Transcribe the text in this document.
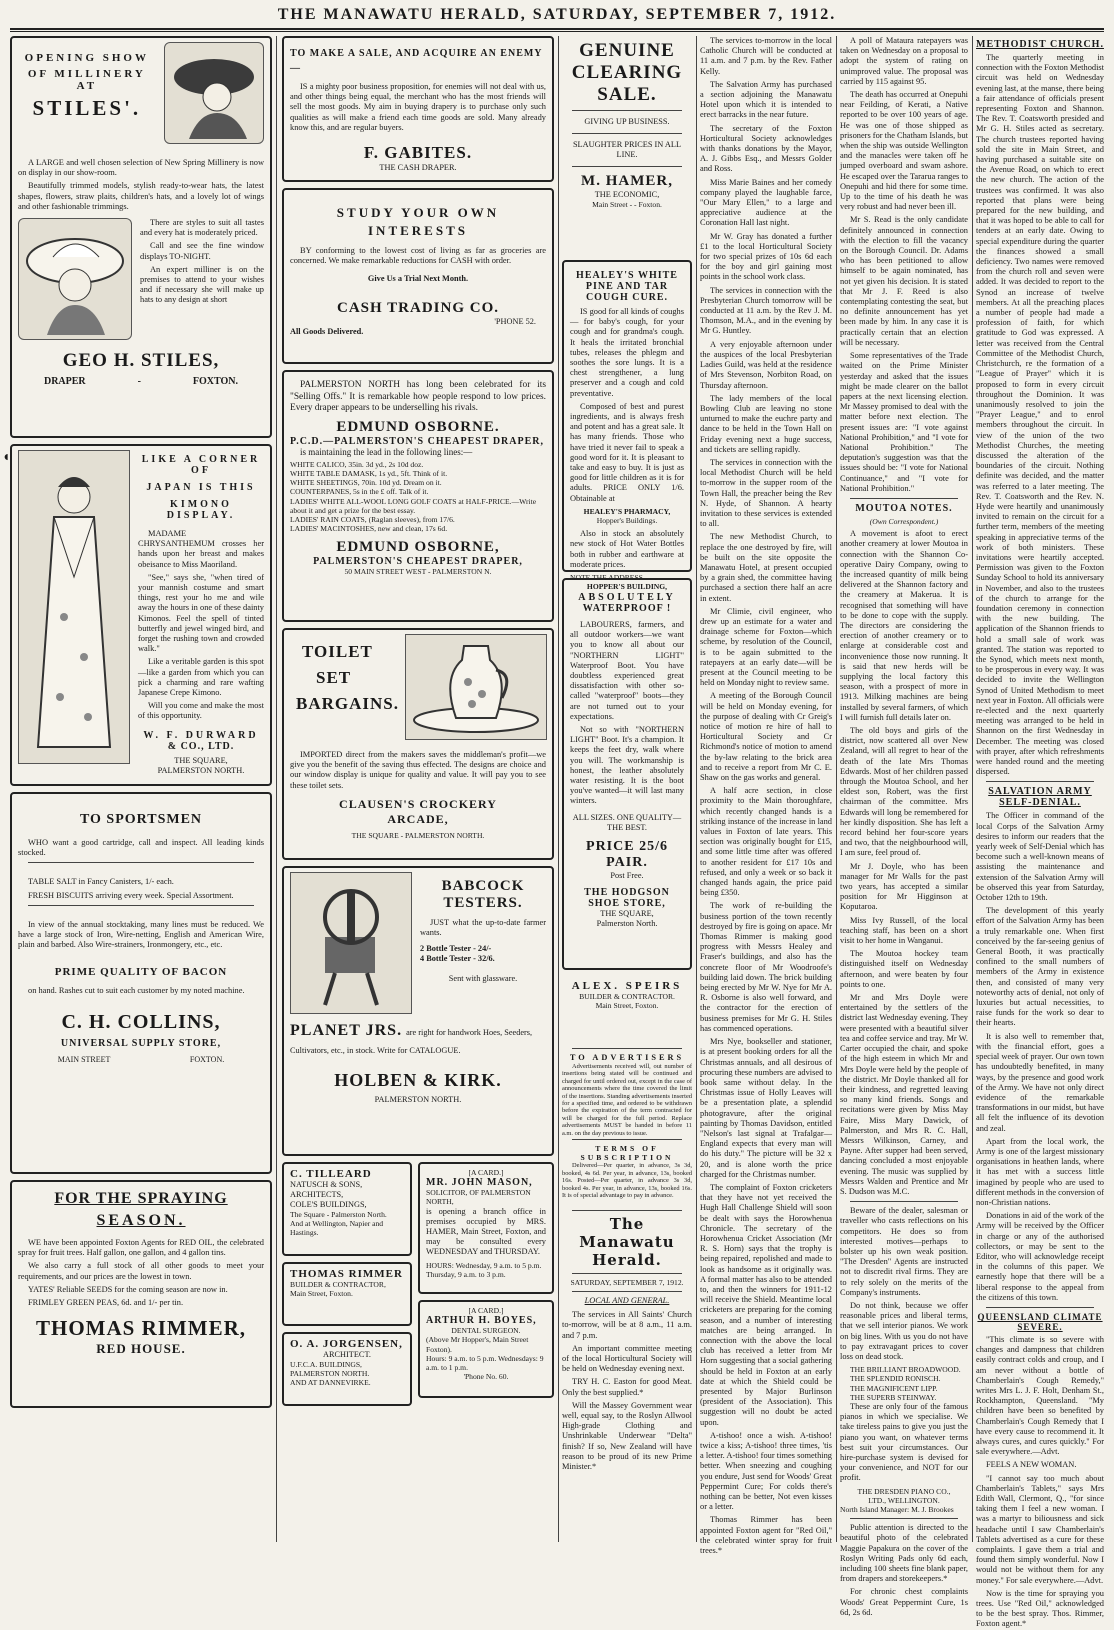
THE MANAWATU HERALD, SATURDAY, SEPTEMBER 7, 1912.
◖
OPENING SHOW
OF MILLINERY AT
STILES'.

A LARGE and well chosen selection of New Spring Millinery is now on display in our show-room.

Beautifully trimmed models, stylish ready-to-wear hats, the latest shapes, flowers, straw plaits, children's hats, and a lovely lot of wings and other fashionable trimmings.

There are styles to suit all tastes and every hat is moderately priced.

Call and see the fine window displays TO-NIGHT.

An expert milliner is on the premises to attend to your wishes and if necessary she will make up hats to any design at short

GEO H. STILES,
DRAPER	-	FOXTON.
LIKE A CORNER OF
JAPAN IS THIS
KIMONO DISPLAY.

MADAME CHRYSANTHEMUM crosses her hands upon her breast and makes obeisance to Miss Maoriland.

"See," says she, "when tired of your mannish costume and smart things, rest your ho me and wile away the hours in one of these dainty Kimonos. Feel the spell of tinted butterfly and jewel winged bird, and forget the rushing town and crowded walk."

Like a veritable garden is this spot—like a garden from which you can pick a charming and rare wafting Japanese Crepe Kimono.

Will you come and make the most of this opportunity.

W. F. DURWARD
& CO., LTD.
THE SQUARE,
PALMERSTON NORTH.
TO SPORTSMEN

WHO want a good cartridge, call and inspect. All leading kinds stocked.

TABLE SALT in Fancy Canisters, 1/- each.

FRESH BISCUITS arriving every week. Special Assortment.

In view of the annual stocktaking, many lines must be reduced. We have a large stock of Iron, Wire-netting, English and American Wire, plain and barbed. Also Wire-strainers, Ironmongery, etc., etc.

PRIME QUALITY OF BACON

on hand. Rashes cut to suit each customer by my noted machine.

C. H. COLLINS,
UNIVERSAL SUPPLY STORE,
MAIN STREET	FOXTON.
FOR THE SPRAYING
SEASON.

WE have been appointed Foxton Agents for RED OIL, the celebrated spray for fruit trees. Half gallon, one gallon, and 4 gallon tins.

We also carry a full stock of all other goods to meet your requirements, and our prices are the lowest in town.

YATES' Reliable SEEDS for the coming season are now in.

FRIMLEY GREEN PEAS, 6d. and 1/- per tin.

THOMAS RIMMER,
RED HOUSE.
TO MAKE A SALE, AND ACQUIRE AN ENEMY —

IS a mighty poor business proposition, for enemies will not deal with us, and other things being equal, the merchant who has the most friends will sell the most goods. My aim in buying drapery is to purchase only such qualities as will make a friend each time goods are sold. Many already know this, and are regular buyers.

F. GABITES.
THE CASH DRAPER.
STUDY YOUR OWN INTERESTS

BY conforming to the lowest cost of living as far as groceries are concerned. We make remarkable reductions for CASH with order.

Give Us a Trial Next Month.
CASH TRADING CO.
'PHONE 52.
All Goods Delivered.

PALMERSTON NORTH has long been celebrated for its "Selling Offs." It is remarkable how people respond to low prices. Every draper appears to be underselling his rivals.

EDMUND OSBORNE.
P.C.D.—PALMERSTON'S CHEAPEST DRAPER,

is maintaining the lead in the following lines:—

WHITE CALICO, 35in. 3d yd., 2s 10d doz.
WHITE TABLE DAMASK, 1s yd., 5ft. Think of it.
WHITE SHEETINGS, 70in. 10d yd. Dream on it.
COUNTERPANES, 5s in the £ off. Talk of it.
LADIES' WHITE ALL-WOOL LONG GOLF COATS at HALF-PRICE.—Write about it and get a prize for the best essay.
LADIES' RAIN COATS, (Raglan sleeves), from 17/6.
LADIES' MACINTOSHES, new and clean, 17s 6d.
EDMUND OSBORNE,
PALMERSTON'S CHEAPEST DRAPER,
50 MAIN STREET WEST - PALMERSTON N.
TOILET
SET
BARGAINS.

IMPORTED direct from the makers saves the middleman's profit—we give you the benefit of the saving thus effected. The designs are choice and our window display is unique for quality and value. It will pay you to see these toilet sets.

CLAUSEN'S CROCKERY
ARCADE,
THE SQUARE - PALMERSTON NORTH.
BABCOCK
TESTERS.

JUST what the up-to-date farmer wants.

2 Bottle Tester - 24/-
4 Bottle Tester - 32/6.
Sent with glassware.
PLANET JRS. are right for handwork Hoes, Seeders, Cultivators, etc., in stock. Write for CATALOGUE.
HOLBEN & KIRK.
PALMERSTON NORTH.
C. TILLEARD
NATUSCH & SONS,
ARCHITECTS,
COLE'S BUILDINGS,
The Square - Palmerston North.
And at Wellington, Napier and Hastings.
THOMAS RIMMER
BUILDER & CONTRACTOR,
Main Street, Foxton.
O. A. JORGENSEN,
ARCHITECT.
U.F.C.A. BUILDINGS, PALMERSTON NORTH.
AND AT DANNEVIRKE.
[A CARD.]
MR. JOHN MASON,
SOLICITOR, OF PALMERSTON NORTH,

is opening a branch office in premises occupied by MRS. HAMER, Main Street, Foxton, and may be consulted every WEDNESDAY and THURSDAY.

HOURS: Wednesday, 9 a.m. to 5 p.m. Thursday, 9 a.m. to 3 p.m.
[A CARD.]
ARTHUR H. BOYES,
DENTAL SURGEON.
(Above Mr Hopper's, Main Street Foxton).
Hours: 9 a.m. to 5 p.m. Wednesdays: 9 a.m. to 1 p.m.
'Phone No. 60.
GENUINE
CLEARING
SALE.
GIVING UP BUSINESS.
SLAUGHTER PRICES IN ALL LINE.
M. HAMER,
THE ECONOMIC,
Main Street - - Foxton.
HEALEY'S WHITE
PINE AND TAR
COUGH CURE.

IS good for all kinds of coughs — for baby's cough, for your cough and for grandma's cough. It heals the irritated bronchial tubes, releases the phlegm and soothes the sore lungs. It is a chest strengthener, a lung preserver and a cough and cold preventative.

Composed of best and purest ingredients, and is always fresh and potent and has a great sale. It has many friends. Those who have tried it never fail to speak a good word for it. It is pleasant to take and easy to buy. It is just as good for little children as it is for adults. PRICE ONLY 1/6. Obtainable at

HEALEY'S PHARMACY,
Hopper's Buildings.

Also in stock an absolutely new stock of Hot Water Bottles both in rubber and earthware at moderate prices.

NOTE THE ADDRESS—
HOPPER'S BUILDING,
ABSOLUTELY
WATERPROOF !

LABOURERS, farmers, and all outdoor workers—we want you to know all about our "NORTHERN LIGHT" Waterproof Boot. You have doubtless experienced great dissatisfaction with other so-called "waterproof" boots—they are not turned out to your expectations.

Not so with "NORTHERN LIGHT" Boot. It's a champion. It keeps the feet dry, walk where you will. The workmanship is honest, the leather absolutely water resisting. It is the boot you've wanted—it will last many winters.

ALL SIZES. ONE QUALITY—THE BEST.
PRICE 25/6 PAIR.
Post Free.
THE HODGSON
SHOE STORE,
THE SQUARE,
Palmerston North.
ALEX. SPEIRS
BUILDER & CONTRACTOR.
Main Street, Foxton.
TO ADVERTISERS

Advertisements received will, out number of insertions being stated will be continued and charged for until ordered out, except in the case of announcements where the time covered the limit of the insertions. Standing advertisements inserted for a specified time, and ordered to be withdrawn before the expiration of the term contracted for will be charged for the full period. Replace advertisements MUST be handed in before 11 a.m. on the day previous to issue.

TERMS OF SUBSCRIPTION

Delivered—Per quarter, in advance, 3s 3d, booked, 4s 6d. Per year, in advance, 13s, booked 16s. Posted—Per quarter, in advance 3s 3d, booked 4s. Per year, in advance, 13s, booked 16s. It is of special advantage to pay in advance.

The Manawatu Herald.
SATURDAY, SEPTEMBER 7, 1912.
LOCAL AND GENERAL.

The services in All Saints' Church to-morrow, will be at 8 a.m., 11 a.m. and 7 p.m.

An important committee meeting of the local Horticultural Society will be held on Wednesday evening next.

TRY H. C. Easton for good Meat. Only the best supplied.*

Will the Massey Government wear well, equal say, to the Roslyn Allwool High-grade Clothing and Unshrinkable Underwear "Delta" finish? If so, New Zealand will have reason to be proud of its new Prime Minister.*

The services to-morrow in the local Catholic Church will be conducted at 11 a.m. and 7 p.m. by the Rev. Father Kelly.

The Salvation Army has purchased a section adjoining the Manawatu Hotel upon which it is intended to erect barracks in the near future.

The secretary of the Foxton Horticultural Society acknowledges with thanks donations by the Mayor, A. J. Gibbs Esq., and Messrs Golder and Ross.

Miss Marie Baines and her comedy company played the laughable farce, "Our Mary Ellen," to a large and appreciative audience at the Coronation Hall last night.

Mr W. Gray has donated a further £1 to the local Horticultural Society for two special prizes of 10s 6d each for the boy and girl gaining most points in the school work class.

The services in connection with the Presbyterian Church tomorrow will be conducted at 11 a.m. by the Rev J. M. Thomson, M.A., and in the evening by Mr G. Huntley.

A very enjoyable afternoon under the auspices of the local Presbyterian Ladies Guild, was held at the residence of Mrs Stevenson, Norbiton Road, on Thursday afternoon.

The lady members of the local Bowling Club are leaving no stone unturned to make the euchre party and dance to be held in the Town Hall on Friday evening next a huge success, and tickets are selling rapidly.

The services in connection with the local Methodist Church will be held to-morrow in the supper room of the Town Hall, the preacher being the Rev N. Hyde, of Shannon. A hearty invitation to these services is extended to all.

The new Methodist Church, to replace the one destroyed by fire, will be built on the site opposite the Manawatu Hotel, at present occupied by a grain shed, the committee having purchased a section there half an acre in extent.

Mr Climie, civil engineer, who drew up an estimate for a water and drainage scheme for Foxton—which scheme, by resolution of the Council, is to be again submitted to the ratepayers at an early date—will be present at the Council meeting to be held on Monday night to review same.

A meeting of the Borough Council will be held on Monday evening, for the purpose of dealing with Cr Greig's notice of motion re hire of hall to Horticultural Society and Cr Richmond's notice of motion to amend the by-law relating to the brick area and to receive a report from Mr C. E. Shaw on the gas works and general.

A half acre section, in close proximity to the Main thoroughfare, which recently changed hands is a striking instance of the increase in land values in Foxton of late years. This section was originally bought for £15, and some little time after was offered to another resident for £17 10s and refused, and only a week or so back it changed hands again, the price paid being £350.

The work of re-building the business portion of the town recently destroyed by fire is going on apace. Mr Thomas Rimmer is making good progress with Messrs Healey and Fraser's buildings, and also has the concrete floor of Mr Woodroofe's building laid down. The brick building being erected by Mr W. Nye for Mr A. R. Osborne is also well forward, and the contractor for the erection of business premises for Mr G. H. Stiles has commenced operations.

Mrs Nye, bookseller and stationer, is at present booking orders for all the Christmas annuals, and all desirous of procuring these numbers are advised to book same without delay. In the Christmas issue of Holly Leaves will be a presentation plate, a splendid photogravure, after the original painting by Thomas Davidson, entitled "Nelson's last signal at Trafalgar—England expects that every man will do his duty." The picture will be 32 x 20, and is alone worth the price charged for the Christmas number.

The complaint of Foxton cricketers that they have not yet received the Hugh Hall Challenge Shield will soon be dealt with says the Horowhenua Chronicle. The secretary of the Horowhenua Cricket Association (Mr R. S. Horn) says that the trophy is being repaired, repolished and made to look as handsome as it originally was. A formal matter has also to be attended to, and then the winners for 1911-12 will receive the Shield. Meantime local cricketers are preparing for the coming season, and a number of interesting matches are being arranged. In connection with the above the local club has received a letter from Mr Horn suggesting that a social gathering should be held in Foxton at an early date at which the Shield could be presented by Major Burlinson (president of the Association). This suggestion will no doubt be acted upon.

A-tishoo! once a wish. A-tishoo! twice a kiss; A-tishoo! three times, 'tis a letter. A-tishoo! four times something better. When sneezing and coughing you endure, Just send for Woods' Great Peppermint Cure; For colds there's nothing can be better, Not even kisses or a letter.

Thomas Rimmer has been appointed Foxton agent for "Red Oil," the celebrated winter spray for fruit trees.*

A poll of Mataura ratepayers was taken on Wednesday on a proposal to adopt the system of rating on unimproved value. The proposal was carried by 115 against 95.

The death has occurred at Onepuhi near Feilding, of Kerati, a Native reported to be over 100 years of age. He was one of those shipped as prisoners for the Chatham Islands, but when the ship was outside Wellington and the manacles were taken off he jumped overboard and swam ashore. He escaped over the Tararua ranges to Onepuhi and hid there for some time. Up to the time of his death he was very robust and had never been ill.

Mr S. Read is the only candidate definitely announced in connection with the election to fill the vacancy on the Borough Council. Dr. Adams who has been petitioned to allow himself to be again nominated, has not yet given his decision. It is stated that Mr J. F. Reed is also contemplating contesting the seat, but no definite announcement has yet been made by him. In any case it is practically certain that an election will be necessary.

Some representatives of the Trade waited on the Prime Minister yesterday and asked that the issues might be made clearer on the ballot papers at the next licensing election. Mr Massey promised to deal with the matter before next election. The present issues are: "I vote against National Prohibition," and "I vote for National Prohibition." The deputation's suggestion was that the issues should be: "I vote for National Continuance," and "I vote for National Prohibition."

MOUTOA NOTES.
(Own Correspondent.)

A movement is afoot to erect another creamery at lower Moutoa in connection with the Shannon Co-operative Dairy Company, owing to the increased quantity of milk being delivered at the Shannon factory and the creamery at Makerua. It is recognised that something will have to be done to cope with the supply. The directors are considering the erection of another creamery or to enlarge at considerable cost and inconvenience those now running. It is said that new herds will be supplying the local factory this season, with a prospect of more in 1913. Milking machines are being installed by several farmers, of which I will furnish full details later on.

The old boys and girls of the district, now scattered all over New Zealand, will all regret to hear of the death of the late Mrs Thomas Edwards. Most of her children passed through the Moutoa School, and her eldest son, Robert, was the first chairman of the committee. Mrs Edwards will long be remembered for her kindly disposition. She has left a record behind her four-score years and two, that the neighbourhood will, I am sure, feel proud of.

Mr J. Doyle, who has been manager for Mr Walls for the past two years, has accepted a similar position for Mr Higginson at Koputaroa.

Miss Ivy Russell, of the local teaching staff, has been on a short visit to her home in Wanganui.

The Moutoa hockey team distinguished itself on Wednesday afternoon, and were beaten by four points to one.

Mr and Mrs Doyle were entertained by the settlers of the district last Wednesday evening. They were presented with a beautiful silver tea and coffee service and tray. Mr W. Carter occupied the chair, and spoke of the high esteem in which Mr and Mrs Doyle were held by the people of the district. Mr Doyle thanked all for their kindness, and regretted leaving so many kind friends. Songs and recitations were given by Miss May Faire, Miss Mary Dawick, of Palmerston, and Mrs R. C. Hall, Messrs Wilkinson, Carney, and Payne. After supper had been served, dancing concluded a most enjoyable evening. The music was supplied by Messrs Walden and Prentice and Mr S. Dudson was M.C.

Beware of the dealer, salesman or traveller who casts reflections on his competitors. He does so from interested motives—perhaps to bolster up his own weak position. "The Dresden" Agents are instructed not to discredit rival firms. They are to rely solely on the merits of the Company's instruments.

Do not think, because we offer reasonable prices and liberal terms, that we sell interior pianos. We work on big lines. With us you do not have to pay extravagant prices to cover loss on dead stock.

THE BRILLIANT BROADWOOD.
THE SPLENDID RONISCH.
THE MAGNIFICENT LIPP.
THE SUPERB STEINWAY.

These are only four of the famous pianos in which we specialise. We take tireless pains to give you just the piano you want, on whatever terms best suit your circumstances. Our hire-purchase system is devised for your convenience, and NOT for our profit.

THE DRESDEN PIANO CO.,
LTD., WELLINGTON.
North Island Manager: M. J. Brookes

Public attention is directed to the beautiful photo of the celebrated Maggie Papakura on the cover of the Roslyn Writing Pads only 6d each, including 100 sheets fine blank paper, from drapers and storekeepers.*

For chronic chest complaints Woods' Great Peppermint Cure, 1s 6d, 2s 6d.

METHODIST CHURCH.

The quarterly meeting in connection with the Foxton Methodist circuit was held on Wednesday evening last, at the manse, there being a fair attendance of officials present representing Foxton and Shannon. The Rev. T. Coatsworth presided and Mr G. H. Stiles acted as secretary. The church trustees reported having sold the site in Main Street, and having purchased a suitable site on the Avenue Road, on which to erect the new church. The action of the trustees was confirmed. It was also reported that plans were being prepared for the new building, and that it was hoped to be able to call for tenders at an early date. Owing to special expenditure during the quarter the finances showed a small deficiency. Two names were removed from the church roll and seven were added. It was decided to report to the Synod an increase of twelve members. At all the preaching places a number of people had made a profession of faith, for which gratitude to God was expressed. A letter was received from the Central Committee of the Methodist Church, Christchurch, re the formation of a "League of Prayer" which it is proposed to form in every circuit throughout the Dominion. It was unanimously resolved to join the "Prayer League," and to enrol members throughout the circuit. In view of the union of the two Methodist Churches, the meeting discussed the alteration of the boundaries of the circuit. Nothing definite was decided, and the matter was referred to a later meeting. The Rev. T. Coatsworth and the Rev. N. Hyde were heartily and unanimously invited to remain on the circuit for a further term, members of the meeting speaking in appreciative terms of the work of both ministers. These invitations were heartily accepted. Permission was given to the Foxton Sunday School to hold its anniversary in November, and also to the trustees of the church to arrange for the foundation ceremony in connection with the new building. The application of the Shannon friends to hold a small sale of work was granted. The station was reported to the Synod, which meets next month, to be prosperous in every way. It was decided to invite the Wellington Synod of United Methodism to meet next year in Foxton. All officials were re-elected and the next quarterly meeting was arranged to be held in Shannon on the first Wednesday in December. The meeting was closed with prayer, after which refreshments were handed round and the meeting dispersed.

SALVATION ARMY SELF-DENIAL.

The Officer in command of the local Corps of the Salvation Army desires to inform our readers that the yearly week of Self-Denial which has become such a well-known means of assisting the maintenance and extension of the Salvation Army will be observed this year from Saturday, October 12th to 19th.

The development of this yearly effort of the Salvation Army has been a truly remarkable one. When first conceived by the far-seeing genius of General Booth, it was practically confined to the small numbers of members of the Army in existence then, and consisted of many very noteworthy acts of denial, not only of luxuries but actual necessities, to raise funds for the work so dear to their hearts.

It is also well to remember that, with the financial effort, goes a special week of prayer. Our own town has undoubtedly benefited, in many ways, by the presence and good work of the Army. We have not only direct evidence of the remarkable transformations in our midst, but have all felt the influence of its devotion and zeal.

Apart from the local work, the Army is one of the largest missionary organisations in heathen lands, where it has met with a success little imagined by people who are used to different methods in the conversion of non-Christian nations.

Donations in aid of the work of the Army will be received by the Officer in charge or any of the authorised collectors, or may be sent to the Editor, who will acknowledge receipt in the columns of this paper. We earnestly hope that there will be a liberal response to the appeal from the citizens of this town.

QUEENSLAND CLIMATE SEVERE.

"This climate is so severe with changes and dampness that children easily contract colds and croup, and I am never without a bottle of Chamberlain's Cough Remedy," writes Mrs L. J. F. Holt, Denham St., Rockhampton, Queensland. "My children have been so benefited by Chamberlain's Cough Remedy that I have every cause to recommend it. It always cures, and cures quickly." For sale everywhere.—Advt.

FEELS A NEW WOMAN.

"I cannot say too much about Chamberlain's Tablets," says Mrs Edith Wall, Clermont, Q., "for since taking them I feel a new woman. I was a martyr to biliousness and sick headache until I saw Chamberlain's Tablets advertised as a cure for these complaints. I gave them a trial and found them simply wonderful. Now I would not be without them for any money." For sale everywhere.—Advt.

Now is the time for spraying you trees. Use "Red Oil," acknowledged to be the best spray. Thos. Rimmer, Foxton agent.*
